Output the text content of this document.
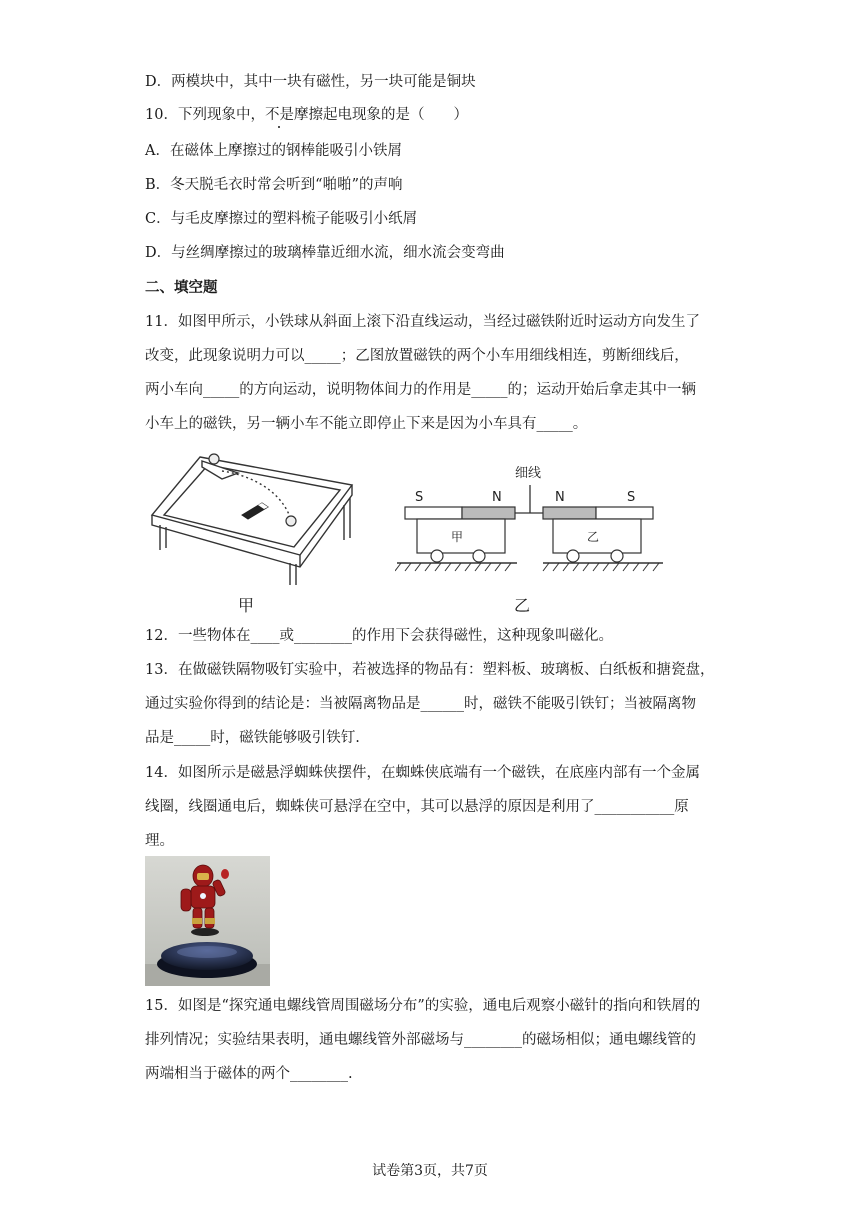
D．两模块中，其中一块有磁性，另一块可能是铜块
10．下列现象中，不是摩擦起电现象的是（　　）
A．在磁体上摩擦过的钢棒能吸引小铁屑
B．冬天脱毛衣时常会听到“啪啪”的声响
C．与毛皮摩擦过的塑料梳子能吸引小纸屑
D．与丝绸摩擦过的玻璃棒靠近细水流，细水流会变弯曲
二、填空题
11．如图甲所示，小铁球从斜面上滚下沿直线运动，当经过磁铁附近时运动方向发生了
改变，此现象说明力可以_____；乙图放置磁铁的两个小车用细线相连，剪断细线后，
两小车向_____的方向运动，说明物体间力的作用是_____的；运动开始后拿走其中一辆
小车上的磁铁，另一辆小车不能立即停止下来是因为小车具有_____。
甲
细线
S	N	N	S
甲	乙
乙
12．一些物体在____或________的作用下会获得磁性，这种现象叫磁化。
13．在做磁铁隔物吸钉实验中，若被选择的物品有：塑料板、玻璃板、白纸板和搪瓷盘，
通过实验你得到的结论是：当被隔离物品是______时，磁铁不能吸引铁钉；当被隔离物
品是_____时，磁铁能够吸引铁钉.
14．如图所示是磁悬浮蜘蛛侠摆件，在蜘蛛侠底端有一个磁铁，在底座内部有一个金属
线圈，线圈通电后，蜘蛛侠可悬浮在空中，其可以悬浮的原因是利用了___________原
理。
15．如图是“探究通电螺线管周围磁场分布”的实验，通电后观察小磁针的指向和铁屑的
排列情况；实验结果表明，通电螺线管外部磁场与________的磁场相似；通电螺线管的
两端相当于磁体的两个________.
试卷第3页，共7页
